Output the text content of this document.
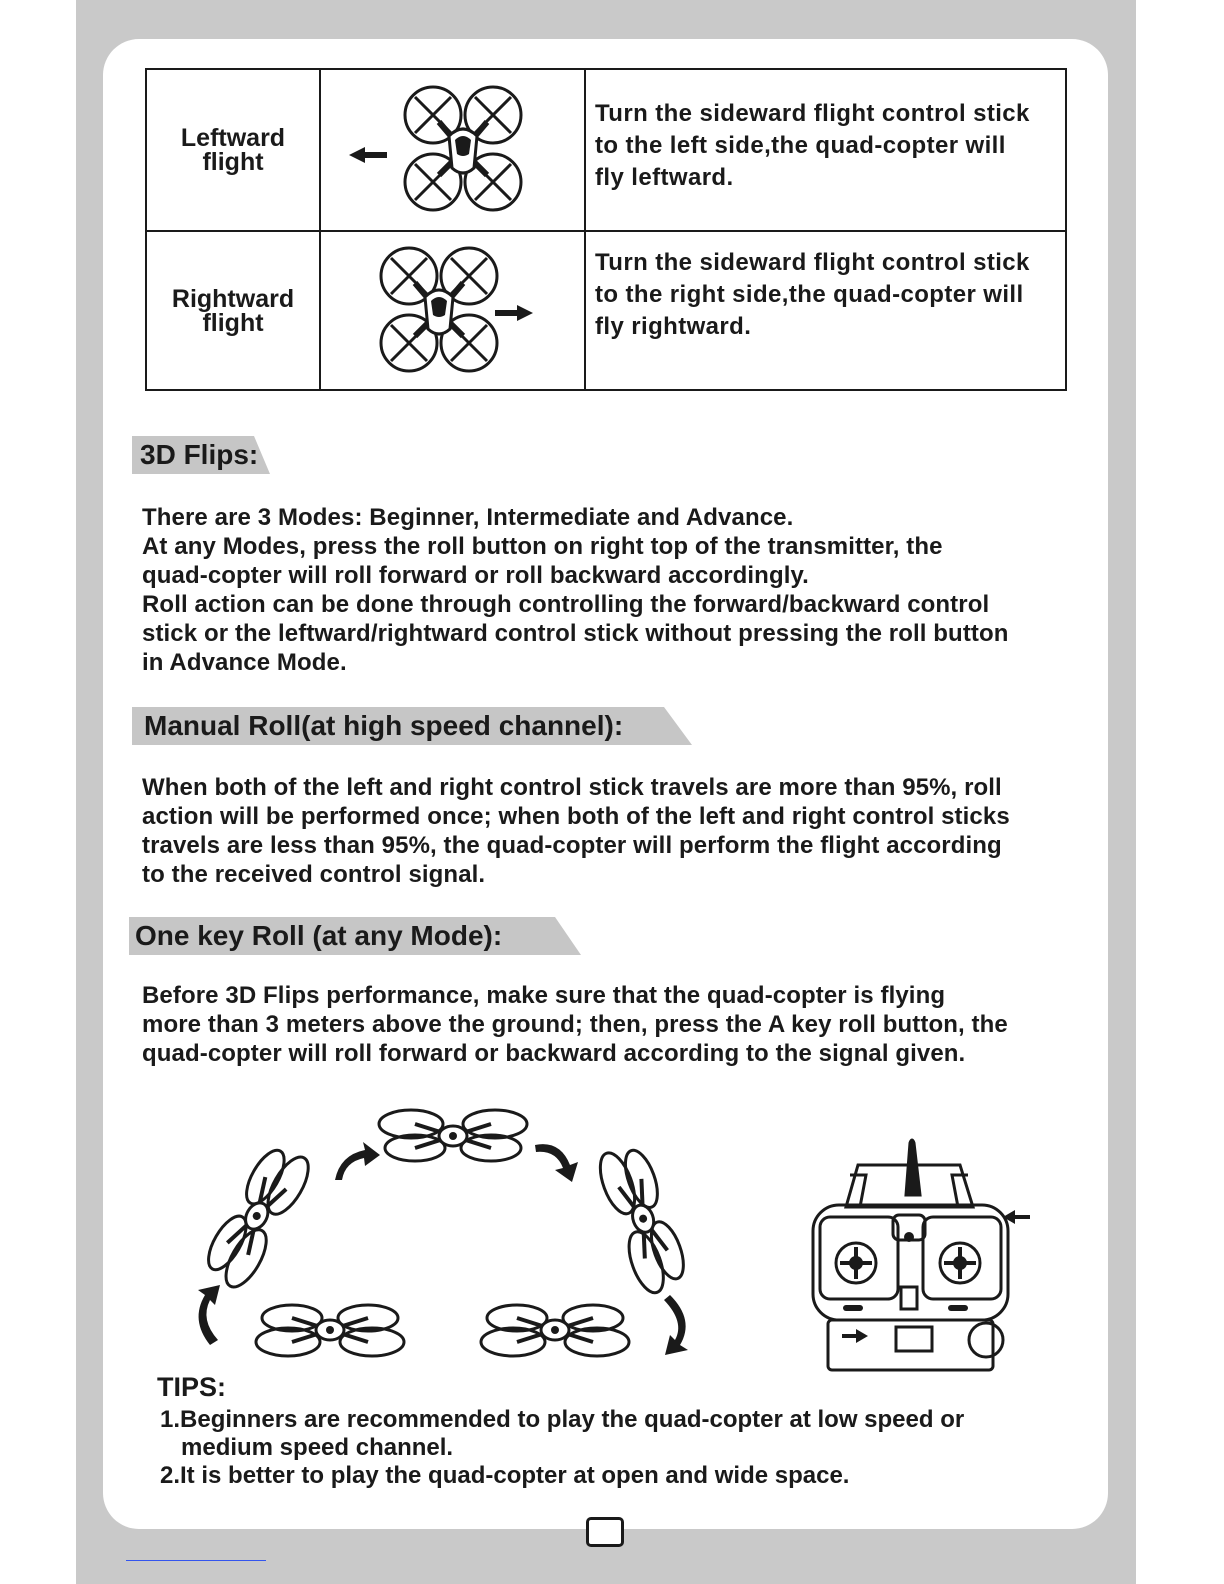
Leftward
flight
Turn the sideward flight control stick
to the left side,the quad-copter will
fly leftward.
Rightward
flight
Turn the sideward flight control stick
to the right side,the quad-copter will
fly rightward.
3D Flips:
There are 3 Modes: Beginner, Intermediate and Advance.
At any Modes, press the roll button on right top of the transmitter, the
quad-copter will roll forward or roll backward accordingly.
Roll action can be done through controlling the forward/backward control
stick or the leftward/rightward control stick without pressing the roll button
in Advance Mode.
Manual Roll(at high speed channel):
When both of the left and right control stick travels are more than 95%, roll
action will be performed once; when both of the left and right control sticks
travels are less than 95%, the quad-copter will perform the flight according
to the received control signal.
One key Roll (at any Mode):
Before 3D Flips performance, make sure that the quad-copter is flying
more than 3 meters above the ground; then, press the A key roll button, the
quad-copter will roll forward or backward according to the signal given.
TIPS:
1.Beginners are recommended to play the quad-copter at low speed or
medium speed channel.
2.It is better to play the quad-copter at open and wide space.
